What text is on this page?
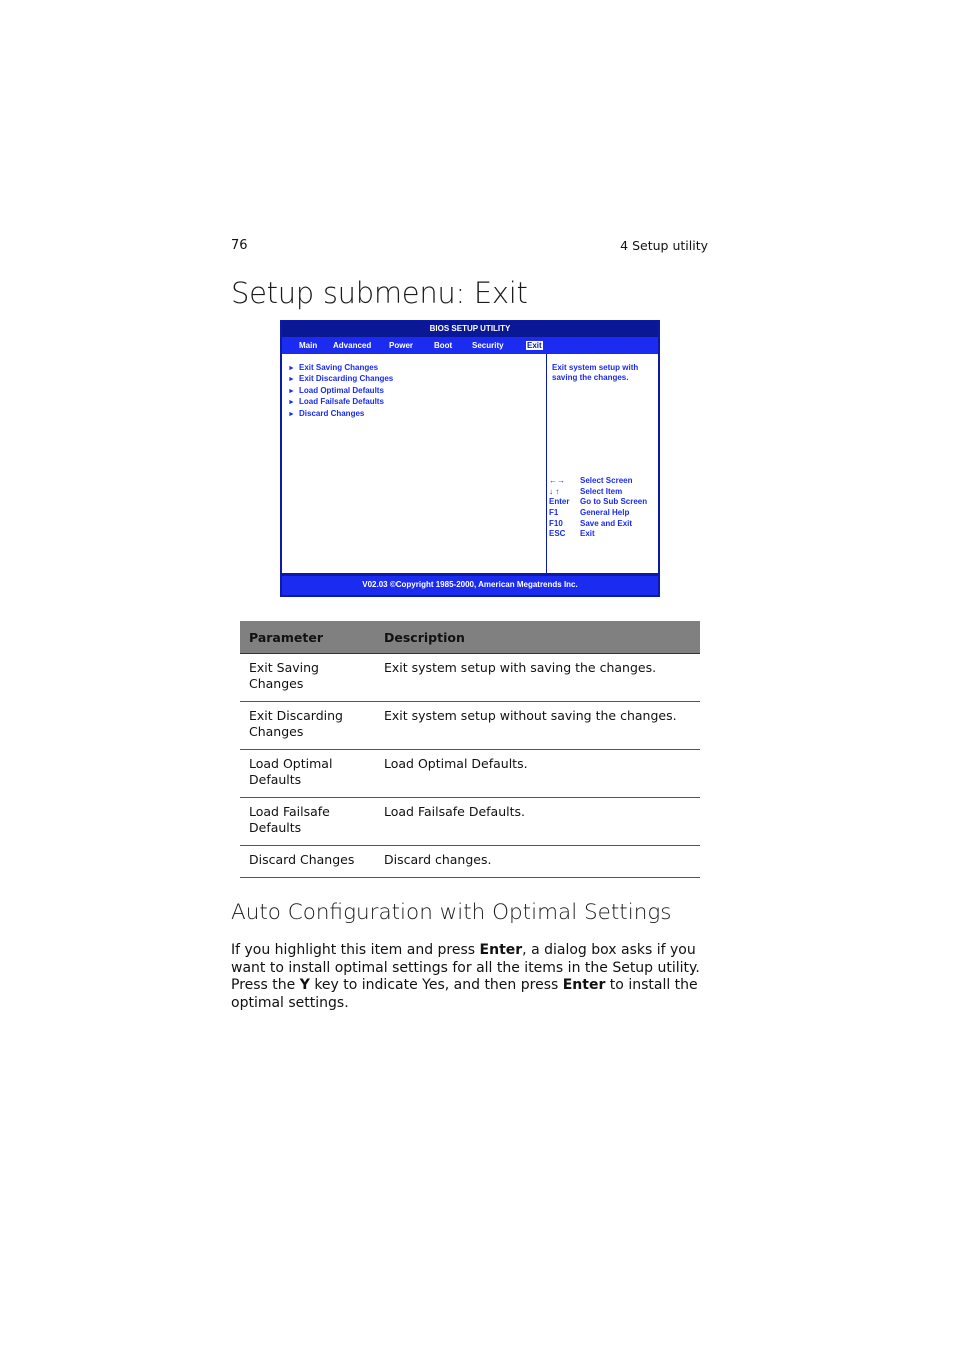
76	4 Setup utility
Setup submenu: Exit
BIOS SETUP UTILITY
Main Advanced Power	Boot Security	Exit
► Exit Saving Changes
► Exit Discarding Changes
► Load Optimal Defaults
► Load Failsafe Defaults
► Discard Changes
Exit system setup with saving the changes.
←→ Select Screen
↓ ↑	Select Item
Enter Go to Sub Screen
F1	General Help
F10 Save and Exit
ESC Exit
V02.03 ©Copyright 1985-2000, American Megatrends Inc.
Parameter	Description
Exit Saving Changes	Exit system setup with saving the changes.
Exit Discarding Changes	Exit system setup without saving the changes.
Load Optimal Defaults	Load Optimal Defaults.
Load Failsafe Defaults	Load Failsafe Defaults.
Discard Changes	Discard changes.
Auto Configuration with Optimal Settings

If you highlight this item and press Enter, a dialog box asks if you want to install optimal settings for all the items in the Setup utility. Press the Y key to indicate Yes, and then press Enter to install the optimal settings.
